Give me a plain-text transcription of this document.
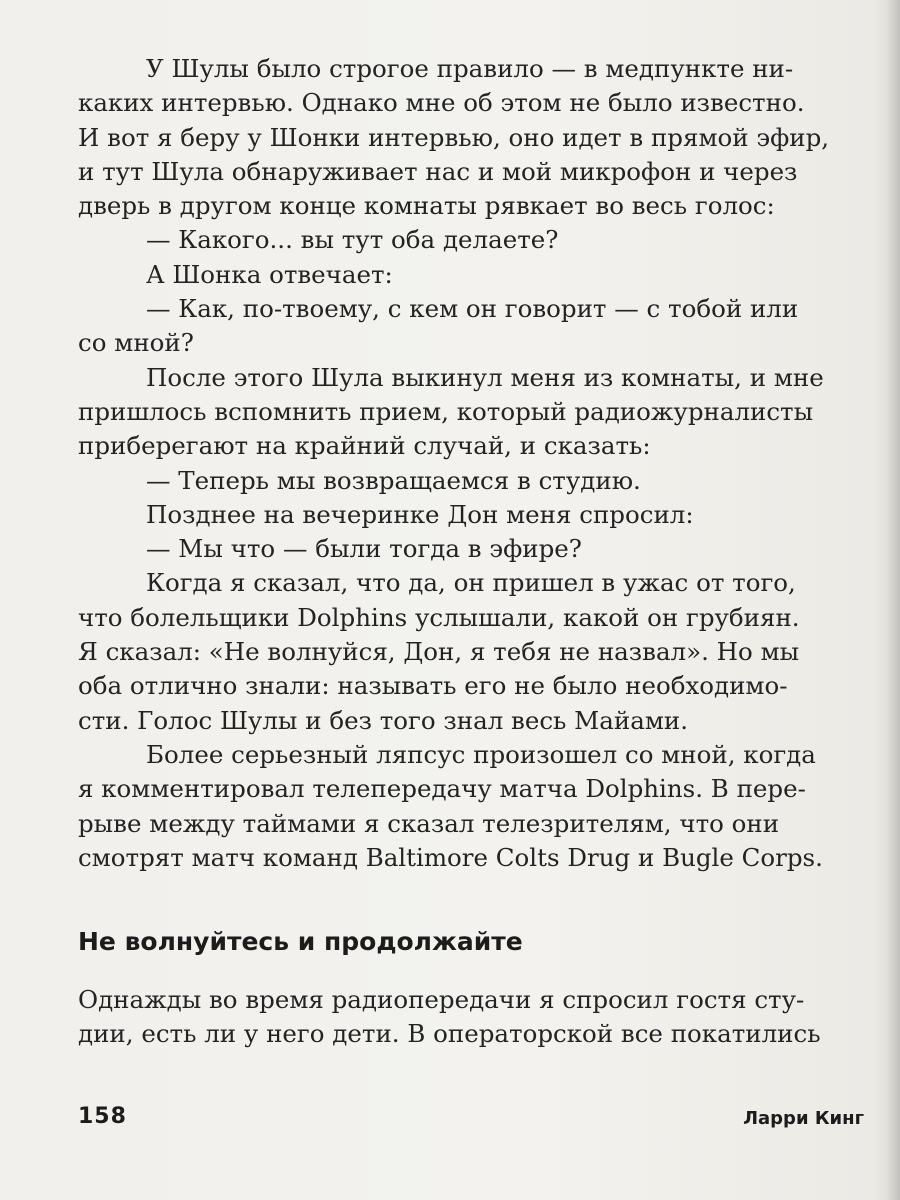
У Шулы было строгое правило — в медпункте ни-

каких интервью. Однако мне об этом не было известно.

И вот я беру у Шонки интервью, оно идет в прямой эфир,

и тут Шула обнаруживает нас и мой микрофон и через

дверь в другом конце комнаты рявкает во весь голос:

— Какого... вы тут оба делаете?

А Шонка отвечает:

— Как, по-твоему, с кем он говорит — с тобой или

со мной?

После этого Шула выкинул меня из комнаты, и мне

пришлось вспомнить прием, который радиожурналисты

приберегают на крайний случай, и сказать:

— Теперь мы возвращаемся в студию.

Позднее на вечеринке Дон меня спросил:

— Мы что — были тогда в эфире?

Когда я сказал, что да, он пришел в ужас от того,

что болельщики Dolphins услышали, какой он грубиян.

Я сказал: «Не волнуйся, Дон, я тебя не назвал». Но мы

оба отлично знали: называть его не было необходимо-

сти. Голос Шулы и без того знал весь Майами.

Более серьезный ляпсус произошел со мной, когда

я комментировал телепередачу матча Dolphins. В пере-

рыве между таймами я сказал телезрителям, что они

смотрят матч команд Baltimore Colts Drug и Bugle Corps.

Не волнуйтесь и продолжайте

Однажды во время радиопередачи я спросил гостя сту-

дии, есть ли у него дети. В операторской все покатились

158	Ларри Кинг
